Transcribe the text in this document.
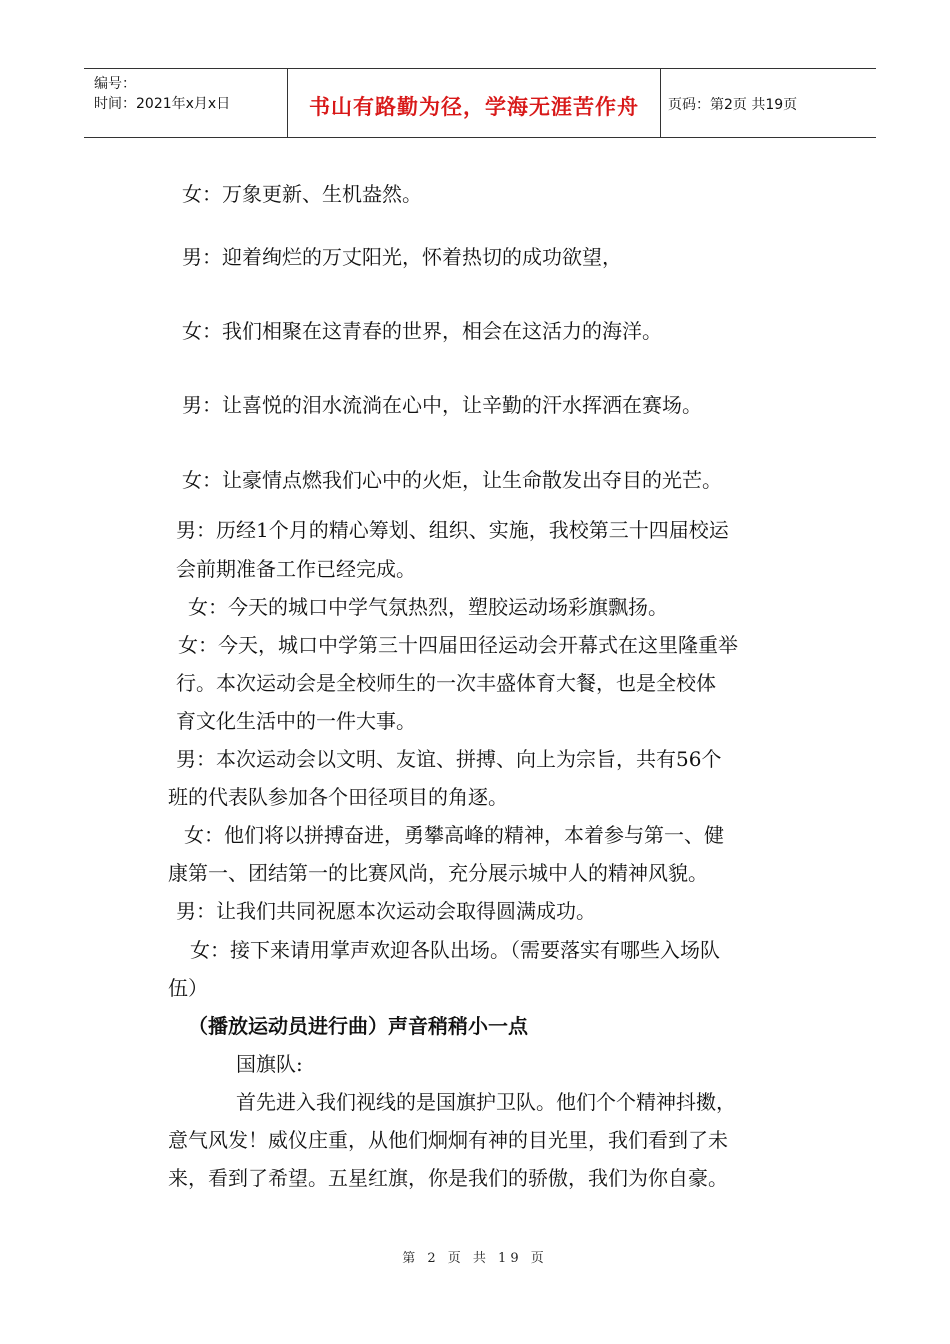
编号：
时间：2021年x月x日	书山有路勤为径，学海无涯苦作舟	页码：第2页 共19页
女：万象更新、生机盎然。
男：迎着绚烂的万丈阳光，怀着热切的成功欲望，
女：我们相聚在这青春的世界，相会在这活力的海洋。
男：让喜悦的泪水流淌在心中，让辛勤的汗水挥洒在赛场。
女：让豪情点燃我们心中的火炬，让生命散发出夺目的光芒。
男：历经1个月的精心筹划、组织、实施，我校第三十四届校运
会前期准备工作已经完成。
女：今天的城口中学气氛热烈，塑胶运动场彩旗飘扬。
女：今天，城口中学第三十四届田径运动会开幕式在这里隆重举
行。本次运动会是全校师生的一次丰盛体育大餐，也是全校体
育文化生活中的一件大事。
男：本次运动会以文明、友谊、拼搏、向上为宗旨，共有56个
班的代表队参加各个田径项目的角逐。
女：他们将以拼搏奋进，勇攀高峰的精神，本着参与第一、健
康第一、团结第一的比赛风尚，充分展示城中人的精神风貌。
男：让我们共同祝愿本次运动会取得圆满成功。
女：接下来请用掌声欢迎各队出场。（需要落实有哪些入场队
伍）
（播放运动员进行曲）声音稍稍小一点
国旗队:
首先进入我们视线的是国旗护卫队。他们个个精神抖擞，
意气风发！威仪庄重，从他们炯炯有神的目光里，我们看到了未
来，看到了希望。五星红旗，你是我们的骄傲，我们为你自豪。
第 2 页 共 19 页
